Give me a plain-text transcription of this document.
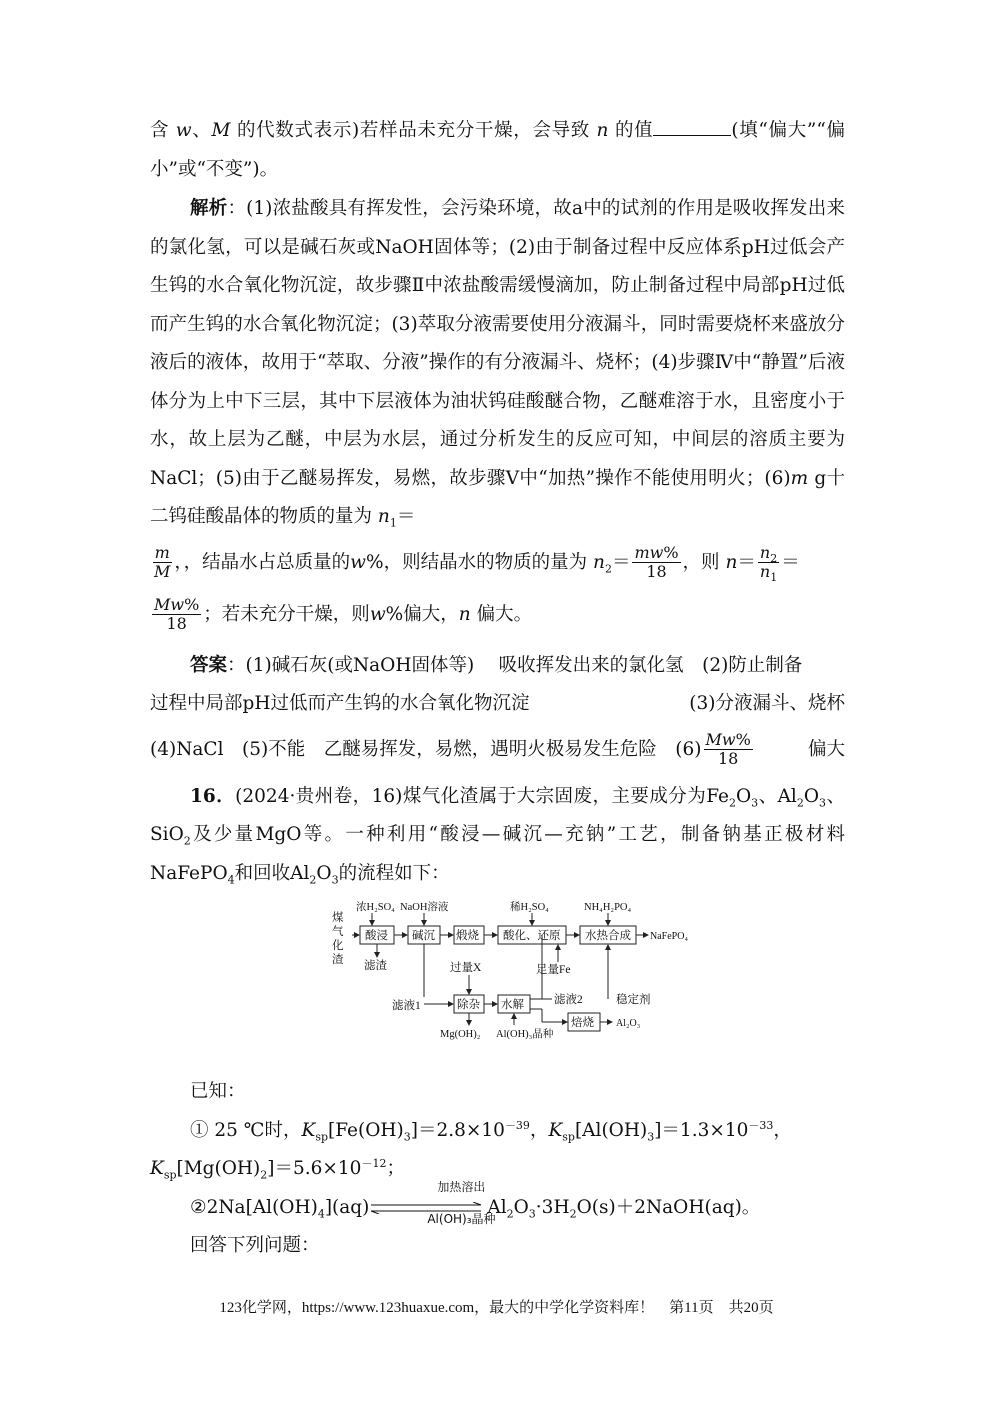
含 w、M 的代数式表示)若样品未充分干燥，会导致 n 的值	(填“偏大”“偏小”或“不变”)。

解析：(1)浓盐酸具有挥发性，会污染环境，故a中的试剂的作用是吸收挥发出来的氯化氢，可以是碱石灰或NaOH固体等；(2)由于制备过程中反应体系pH过低会产生钨的水合氧化物沉淀，故步骤Ⅱ中浓盐酸需缓慢滴加，防止制备过程中局部pH过低而产生钨的水合氧化物沉淀；(3)萃取分液需要使用分液漏斗，同时需要烧杯来盛放分液后的液体，故用于“萃取、分液”操作的有分液漏斗、烧杯；(4)步骤Ⅳ中“静置”后液体分为上中下三层，其中下层液体为油状钨硅酸醚合物，乙醚难溶于水，且密度小于水，故上层为乙醚，中层为水层，通过分析发生的反应可知，中间层的溶质主要为NaCl；(5)由于乙醚易挥发，易燃，故步骤Ⅴ中“加热”操作不能使用明火；(6)m g十二钨硅酸晶体的物质的量为 $n_1=$

$\frac{m}{M}$ ，，结晶水占总质量的w%，则结晶水的物质的量为 $n_2= \frac{mw\%}{18}$ ，则 $n= \frac{n_2}{n_1}$ ＝

$\frac{Mw\%}{18}$ ；若未充分干燥，则w%偏大，n 偏大。

答案：(1)碱石灰(或NaOH固体等)　 吸收挥发出来的氯化氢　 (2)防止制备

过程中局部pH过低而产生钨的水合氧化物沉淀	(3)分液漏斗、烧杯

(4)NaCl　 (5)不能　 乙醚易挥发，易燃，遇明火极易发生危险　 $(6) \frac{Mw\%}{18}$	偏大

16．(2024·贵州卷，16)煤气化渣属于大宗固废，主要成分为$Fe_2O_3$、$Al_2O_3$、SiO$_2$及少量MgO等。一种利用“酸浸—碱沉—充钠”工艺，制备钠基正极材料NaFePO$_4$和回收$Al_2O_3$的流程如下：

煤
气
化
渣
浓H₂SO₄ NaOH溶液	稀H₂SO₄	NH₄H₂PO₄
酸浸 碱沉 煅烧 酸化、还原 水热合成 NaFePO₄
滤渣	过量X	足量Fe
滤液1	除杂 水解	滤液2	稳定剂
焙烧 Al₂O₃
Mg(OH)₂ Al(OH)₃晶种

已知：

① 25 ℃时，$K_{sp}[Fe(OH)_3]=2.8\times 10^{-39}$，$K_{sp}[Al(OH)_3]=1.3\times 10^{-33}$，

$K_{sp}[Mg(OH)_2]=5.6\times 10^{-12}$；

$②2Na[Al(OH)_4](aq)$
加热溶出
Al(OH)₃晶种
$Al_2O_3\cdot 3H_2O(s)+2NaOH(aq)$。

回答下列问题：

123化学网，https://www.123huaxue.com，最大的中学化学资料库！　第11页　共20页
